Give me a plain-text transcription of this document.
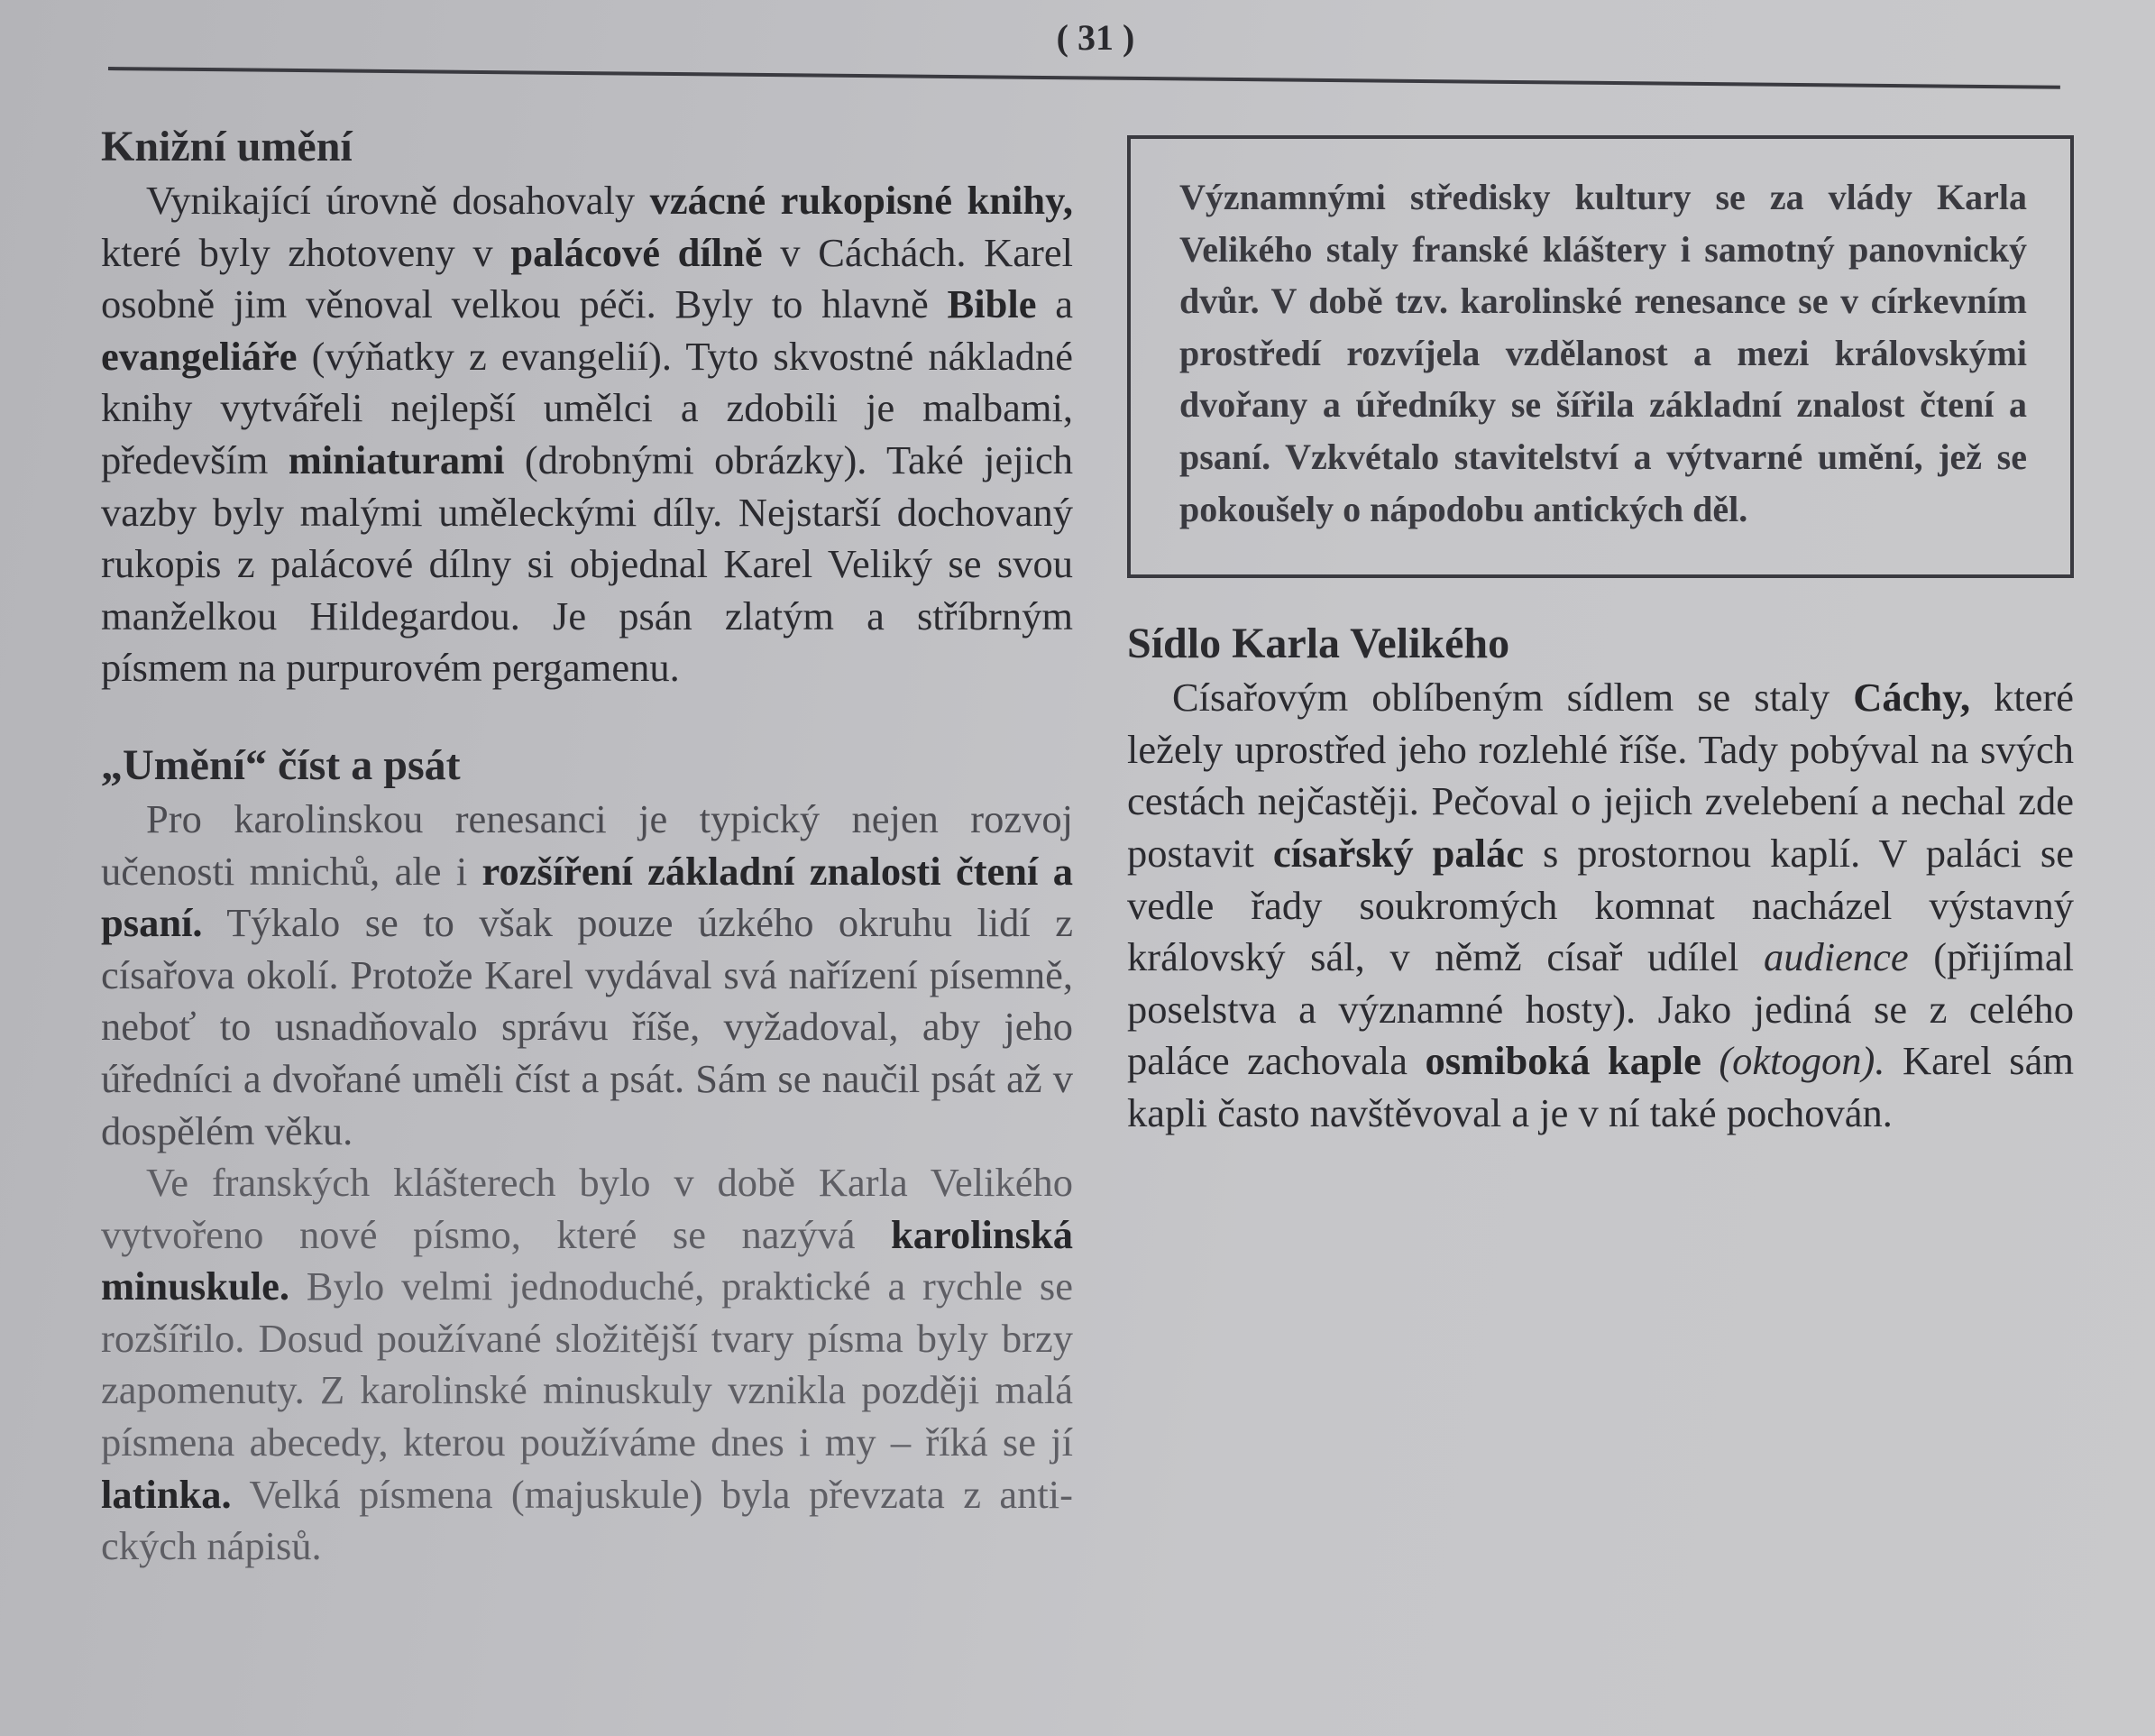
( 31 )
Knižní umění

Vynikající úrovně dosahovaly vzácné rukopisné knihy, které byly zhotoveny v palácové dílně v Cáchách. Karel osobně jim věnoval velkou péči. Byly to hlavně Bible a evangeliáře (výňatky z evangelií). Tyto skvostné nákladné knihy vytvářeli nejlepší umělci a zdobili je malbami, především miniaturami (drobnými obrázky). Také jejich vazby byly malými uměleckými díly. Nejstarší dochovaný rukopis z palácové dílny si objednal Karel Veliký se svou manželkou Hildegardou. Je psán zlatým a stříbrným písmem na purpurovém pergamenu.

„Umění“ číst a psát

Pro karolinskou renesanci je typický nejen rozvoj učenosti mnichů, ale i rozšíření základní znalosti čtení a psaní. Týkalo se to však pouze úzkého okruhu lidí z císařova okolí. Protože Karel vydával svá nařízení písemně, neboť to usnadňovalo správu říše, vyžadoval, aby jeho úředníci a dvořané uměli číst a psát. Sám se naučil psát až v dospělém věku.

Ve franských klášterech bylo v době Karla Velikého vytvořeno nové písmo, které se nazývá karolinská minuskule. Bylo velmi jednoduché, praktické a rychle se rozšířilo. Dosud používané složitější tvary písma byly brzy zapomenuty. Z karolinské minuskuly vznikla později malá písmena abecedy, kterou používáme dnes i my – říká se jí latinka. Velká písmena (majuskule) byla převzata z antických nápisů.

Významnými středisky kultury se za vlády Karla Velikého staly franské kláštery i samotný panovnický dvůr. V době tzv. karolinské renesance se v církevním prostředí rozvíjela vzdělanost a mezi královskými dvořany a úředníky se šířila základní znalost čtení a psaní. Vzkvétalo stavitelství a výtvarné umění, jež se pokoušely o nápodobu antických děl.

Sídlo Karla Velikého

Císařovým oblíbeným sídlem se staly Cáchy, které ležely uprostřed jeho rozlehlé říše. Tady pobýval na svých cestách nejčastěji. Pečoval o jejich zvelebení a nechal zde postavit císařský palác s prostornou kaplí. V paláci se vedle řady soukromých komnat nacházel výstavný královský sál, v němž císař udílel audience (přijímal poselstva a významné hosty). Jako jediná se z celého paláce zachovala osmiboká kaple (oktogon). Karel sám kapli často navštěvoval a je v ní také pochován.
